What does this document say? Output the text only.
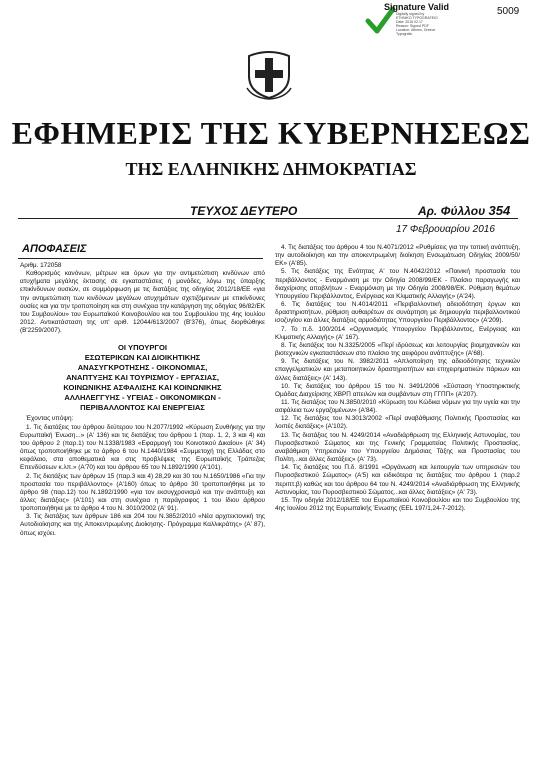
5009
Signature Valid
Digitally signed by
ETHNIKO TYPOGRAFEIO
Date: 2016.02.17
Reason: Signed PDF
Location: Athens, Greece
Typografio
ΕΦΗΜΕΡΙΣ ΤΗΣ ΚΥΒΕΡΝΗΣΕΩΣ
ΤΗΣ ΕΛΛΗΝΙΚΗΣ ΔΗΜΟΚΡΑΤΙΑΣ
ΤΕΥΧΟΣ ΔΕΥΤΕΡΟ	Αρ. Φύλλου 354
17 Φεβρουαρίου 2016
ΑΠΟΦΑΣΕΙΣ

Αριθμ. 172058

Καθορισμός κανόνων, μέτρων και όρων για την αντιμετώπιση κινδύνων από ατυχήματα μεγάλης έκτασης σε εγκαταστάσεις ή μονάδες, λόγω της ύπαρξης επικίνδυνων ουσιών, σε συμμόρφωση με τις διατάξεις της οδηγίας 2012/18/ΕΕ «για την αντιμετώπιση των κινδύνων μεγάλων ατυχημάτων σχετιζόμενων με επικίνδυνες ουσίες και για την τροποποίηση και στη συνέχεια την κατάργηση της οδηγίας 96/82/ΕΚ του Συμβουλίου» του Ευρωπαϊκού Κοινοβουλίου και του Συμβουλίου της 4ης Ιουλίου 2012. Αντικατάσταση της υπ' αριθ. 12044/613/2007 (Β'376), όπως διορθώθηκε (Β'2259/2007).

ΟΙ ΥΠΟΥΡΓΟΙ

ΕΣΩΤΕΡΙΚΩΝ ΚΑΙ ΔΙΟΙΚΗΤΙΚΗΣ

ΑΝΑΣΥΓΚΡΟΤΗΣΗΣ - ΟΙΚΟΝΟΜΙΑΣ,

ΑΝΑΠΤΥΞΗΣ ΚΑΙ ΤΟΥΡΙΣΜΟΥ - ΕΡΓΑΣΙΑΣ,

ΚΟΙΝΩΝΙΚΗΣ ΑΣΦΑΛΙΣΗΣ ΚΑΙ ΚΟΙΝΩΝΙΚΗΣ

ΑΛΛΗΛΕΓΓΥΗΣ - ΥΓΕΙΑΣ - ΟΙΚΟΝΟΜΙΚΩΝ -

ΠΕΡΙΒΑΛΛΟΝΤΟΣ ΚΑΙ ΕΝΕΡΓΕΙΑΣ

Έχοντας υπόψη:

1. Τις διατάξεις του άρθρου δεύτερου του Ν.2077/1992 «Κύρωση Συνθήκης για την Ευρωπαϊκή Ένωση...» (Α' 136) και τις διατάξεις του άρθρου 1 (παρ. 1, 2, 3 και 4) και του άρθρου 2 (παρ.1) του Ν.1338/1983 «Εφαρμογή του Κοινοτικού Δικαίου» (Α' 34) όπως τροποποιήθηκε με το άρθρο 6 του Ν.1440/1984 «Συμμετοχή της Ελλάδας στο κεφάλαιο, στα αποθεματικά και στις προβλέψεις της Ευρωπαϊκής Τράπεζας Επενδύσεων κ.λπ.» (Α'70) και του άρθρου 65 του Ν.1892/1990 (Α'101).

2. Τις διατάξεις των άρθρων 15 (παρ.3 και 4) 28,29 και 30 του Ν.1650/1986 «Για την προστασία του περιβάλλοντος» (Α'160) όπως το άρθρο 30 τροποποιήθηκε με το άρθρο 98 (παρ.12) του Ν.1892/1990 «για τον εκσυγχρονισμό και την ανάπτυξη και άλλες διατάξεις» (Α'101) και στη συνέχεια η παράγραφος 1 του ίδιου άρθρου τροποποιήθηκε με το άρθρο 4 του Ν. 3010/2002 (Α' 91).

3. Τις διατάξεις των άρθρων 186 και 204 του Ν.3852/2010 «Νέα αρχιτεκτονική της Αυτοδιοίκησης και της Αποκεντρωμένης Διοίκησης- Πρόγραμμα Καλλικράτης» (Α' 87), όπως ισχύει.

4. Τις διατάξεις του άρθρου 4 του Ν.4071/2012 «Ρυθμίσεις για την τοπική ανάπτυξη, την αυτοδιοίκηση και την αποκεντρωμένη διοίκηση Ενσωμάτωση Οδηγίας 2009/50/ΕΚ» (Α'85).

5. Τις διατάξεις της Ενότητας Α' του Ν.4042/2012 «Ποινική προστασία του περιβάλλοντος - Εναρμόνιση με την Οδηγία 2008/99/ΕΚ - Πλαίσιο παραγωγής και διαχείρισης αποβλήτων - Εναρμόνιση με την Οδηγία 2008/98/ΕΚ. Ρύθμιση θεμάτων Υπουργείου Περιβάλλοντος, Ενέργειας και Κλιματικής Αλλαγής» (Α'24).

6. Τις διατάξεις του Ν.4014/2011 «Περιβαλλοντική αδειοδότηση έργων και δραστηριοτήτων, ρύθμιση αυθαιρέτων σε συνάρτηση με δημιουργία περιβαλλοντικού ισοζυγίου και άλλες διατάξεις αρμοδιότητας Υπουργείου Περιβάλλοντος» (Α'209).

7. Το π.δ. 100/2014 «Οργανισμός Υπουργείου Περιβάλλοντος, Ενέργειας και Κλιματικής Αλλαγής» (Α' 167).

8. Τις διατάξεις του Ν.3325/2005 «Περί ιδρύσεως και λειτουργίας βιομηχανικών και βιοτεχνικών εγκαταστάσεων στο πλαίσιο της αειφόρου ανάπτυξης» (Α'68).

9. Τις διατάξεις του Ν. 3982/2011 «Απλοποίηση της αδειοδότησης τεχνικών επαγγελματικών και μεταποιητικών δραστηριοτήτων και επιχειρηματικών πάρκων και άλλες διατάξεις» (Α' 143).

10. Τις διατάξεις του άρθρου 15 του Ν. 3491/2006 «Σύσταση Υποστηρικτικής Ομάδας Διαχείρισης ΧΒΡΠ απειλών και συμβάντων στη ΓΓΠΠ» (Α'207).

11. Τις διατάξεις του Ν.3850/2010 «Κύρωση του Κώδικα νόμων για την υγεία και την ασφάλεια των εργαζομένων» (Α'84).

12. Τις διατάξεις του Ν.3013/2002 «Περί αναβάθμισης Πολιτικής Προστασίας και λοιπές διατάξεις» (Α'102).

13. Τις διατάξεις του Ν. 4249/2014 «Αναδιάρθρωση της Ελληνικής Αστυνομίας, του Πυροσβεστικού Σώματος και της Γενικής Γραμματείας Πολιτικής Προστασίας, αναβάθμιση Υπηρεσιών του Υπουργείου Δημόσιας Τάξης και Προστασίας του Πολίτη...και άλλες διατάξεις» (Α' 73).

14. Τις διατάξεις του Π.δ. 8/1991 «Οργάνωση και λειτουργία των υπηρεσιών του Πυροσβεστικού Σώματος» (Α'5) και ειδικότερα τις διατάξεις του άρθρου 1 (παρ.2 περιπτ.β) καθώς και του άρθρου 64 του Ν. 4249/2014 «Αναδιάρθρωση της Ελληνικής Αστυνομίας, του Πυροσβεστικού Σώματος...και άλλες διατάξεις» (Α' 73).

15. Την οδηγία 2012/18/ΕΕ του Ευρωπαϊκού Κοινοβουλίου και του Συμβουλίου της 4ης Ιουλίου 2012 της Ευρωπαϊκής Ένωσης (ΕΕL 197/1,24-7-2012).
